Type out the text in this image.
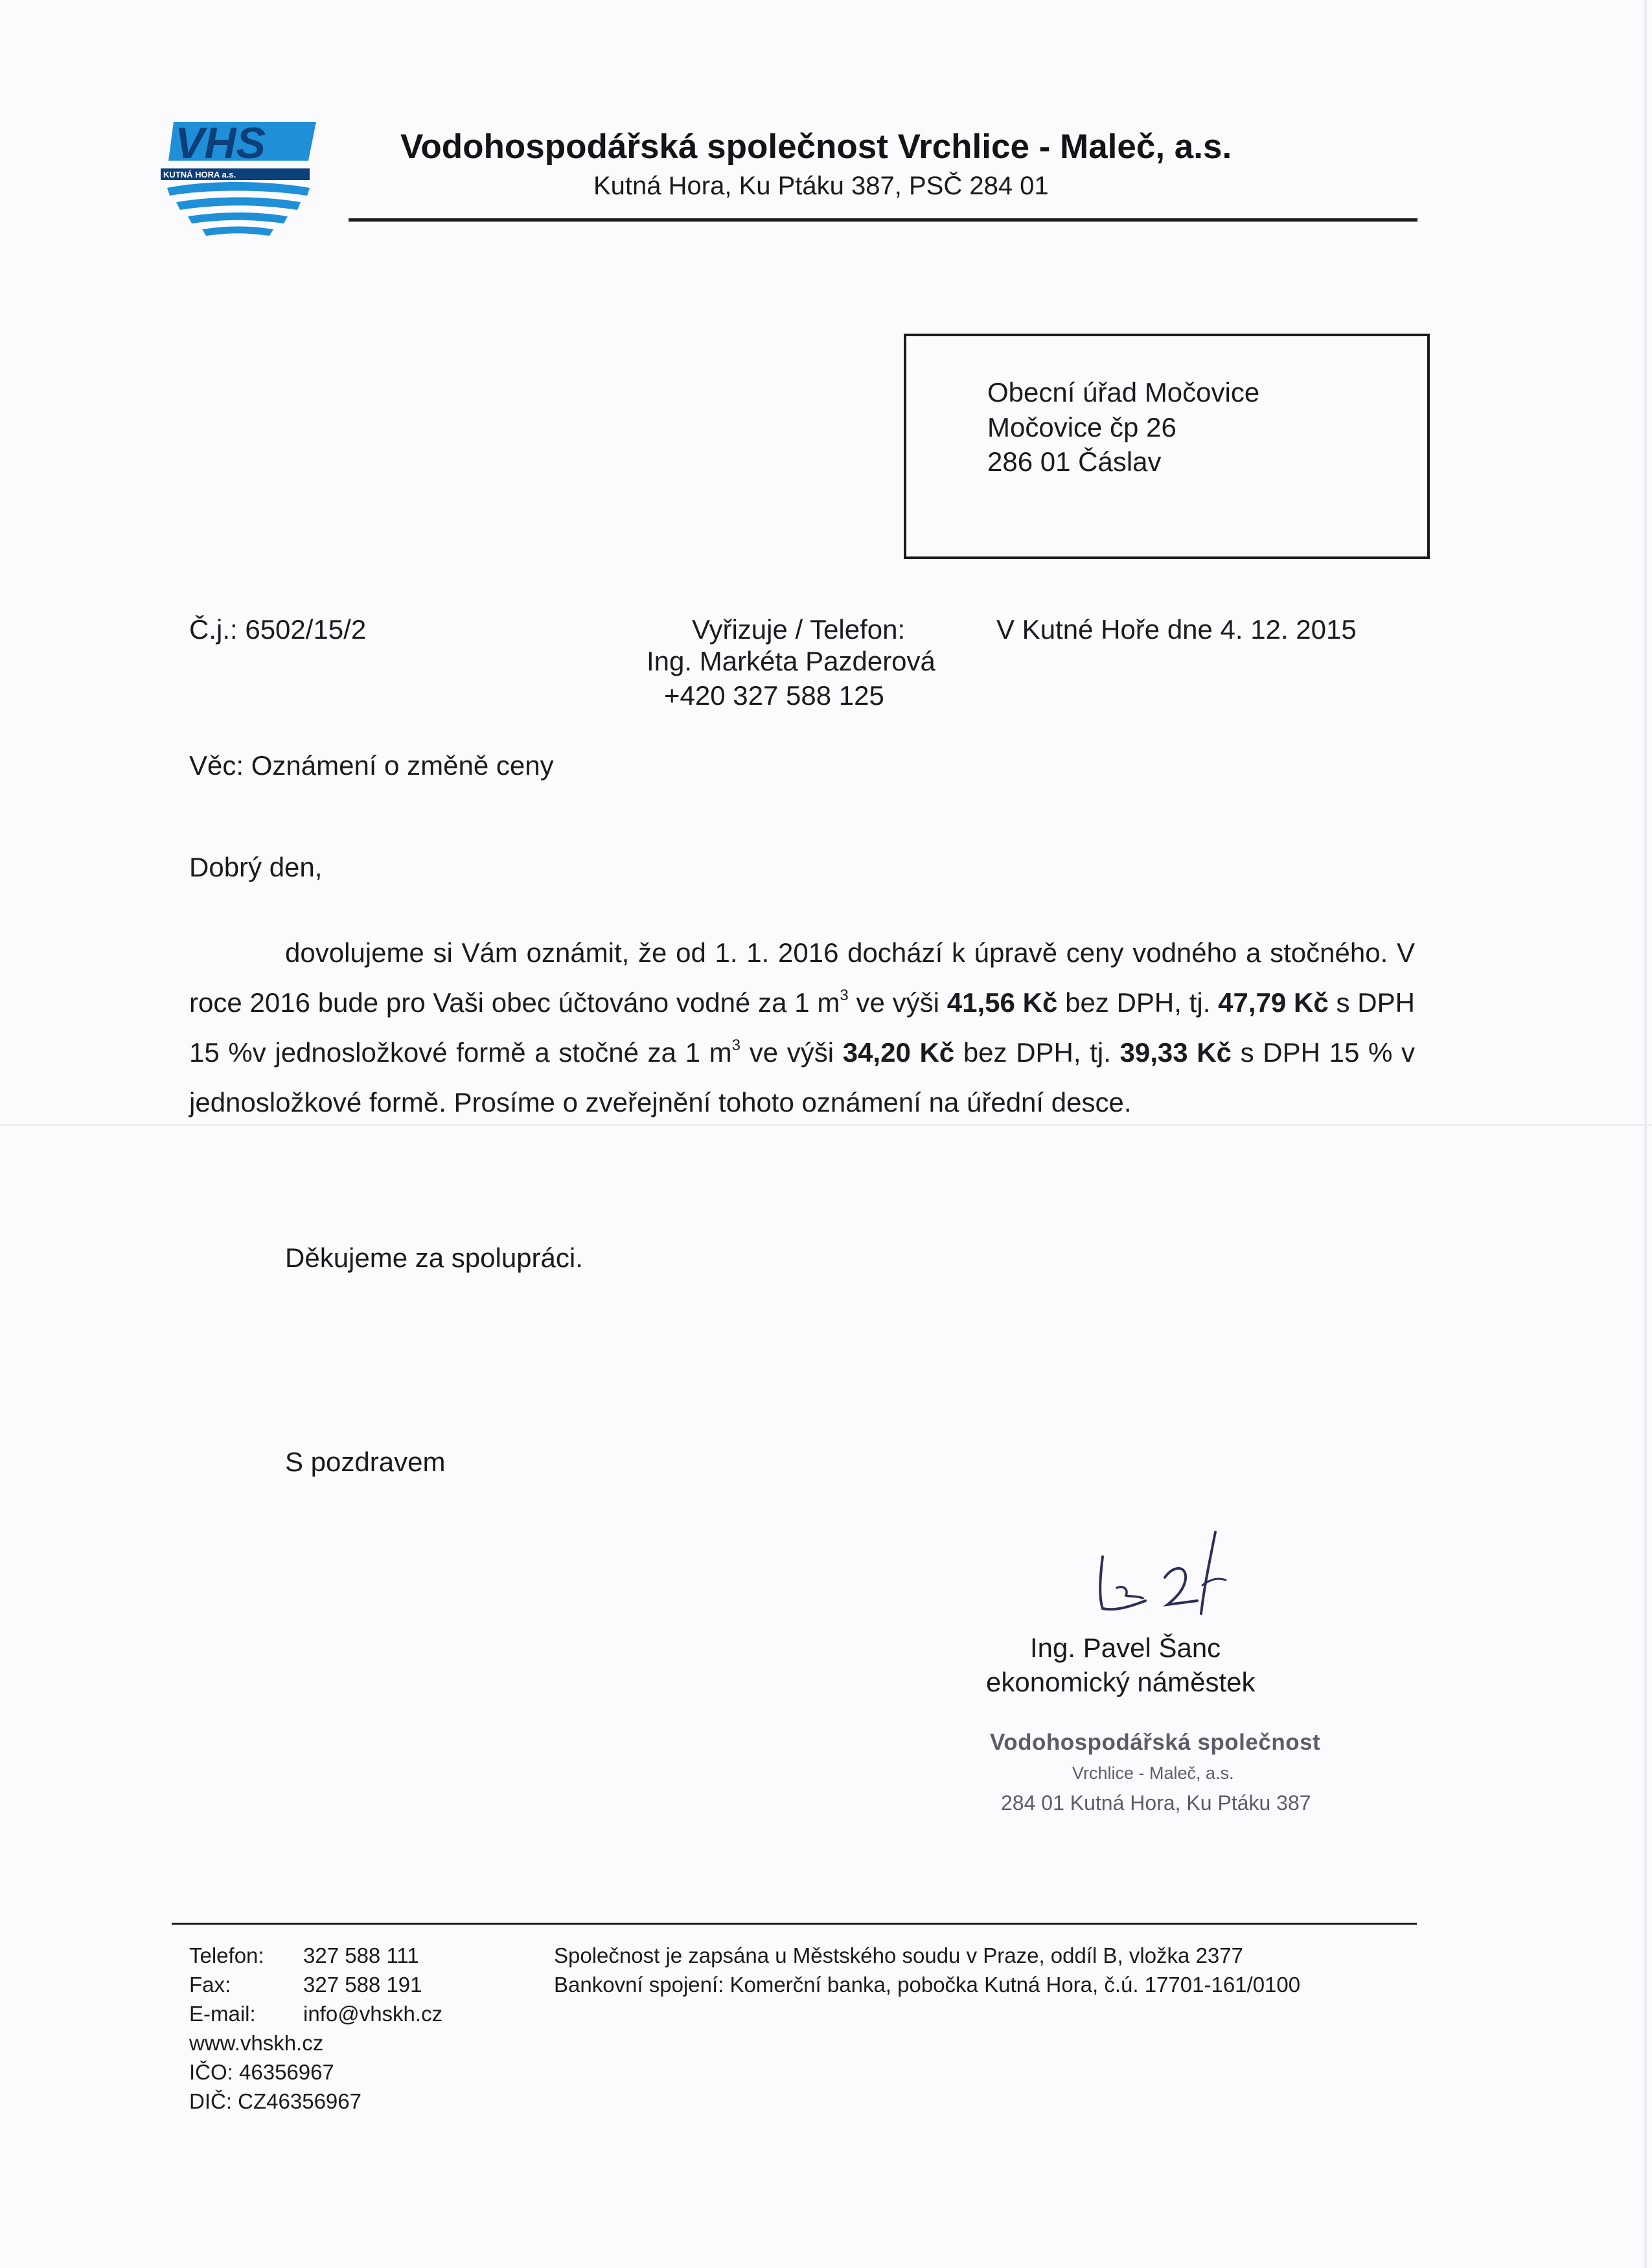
VHS
KUTNÁ HORA a.s.
Vodohospodářská společnost Vrchlice - Maleč, a.s.
Kutná Hora, Ku Ptáku 387, PSČ 284 01
Obecní úřad Močovice
Močovice čp 26
286 01 Čáslav
Č.j.: 6502/15/2	Vyřizuje / Telefon:
Ing. Markéta Pazderová
+420 327 588 125
V Kutné Hoře dne 4. 12. 2015
Věc: Oznámení o změně ceny
Dobrý den,
dovolujeme si Vám oznámit, že od 1. 1. 2016 dochází k úpravě ceny vodného a stočného. V roce 2016 bude pro Vaši obec účtováno vodné za 1 $m^3$ ve výši 41,56 Kč bez DPH, tj. 47,79 Kč s DPH 15 %v jednosložkové formě a stočné za 1 $m^3$ ve výši 34,20 Kč bez DPH, tj. 39,33 Kč s DPH 15 % v jednosložkové formě. Prosíme o zveřejnění tohoto oznámení na úřední desce.
Děkujeme za spolupráci.
S pozdravem
Ing. Pavel Šanc
ekonomický náměstek
Vodohospodářská společnost
Vrchlice - Maleč, a.s.
284 01 Kutná Hora, Ku Ptáku 387
Telefon: 327 588 111
Fax:	327 588 191
E-mail: info@vhskh.cz
www.vhskh.cz
IČO: 46356967
DIČ: CZ46356967
Společnost je zapsána u Městského soudu v Praze, oddíl B, vložka 2377
Bankovní spojení: Komerční banka, pobočka Kutná Hora, č.ú. 17701-161/0100
